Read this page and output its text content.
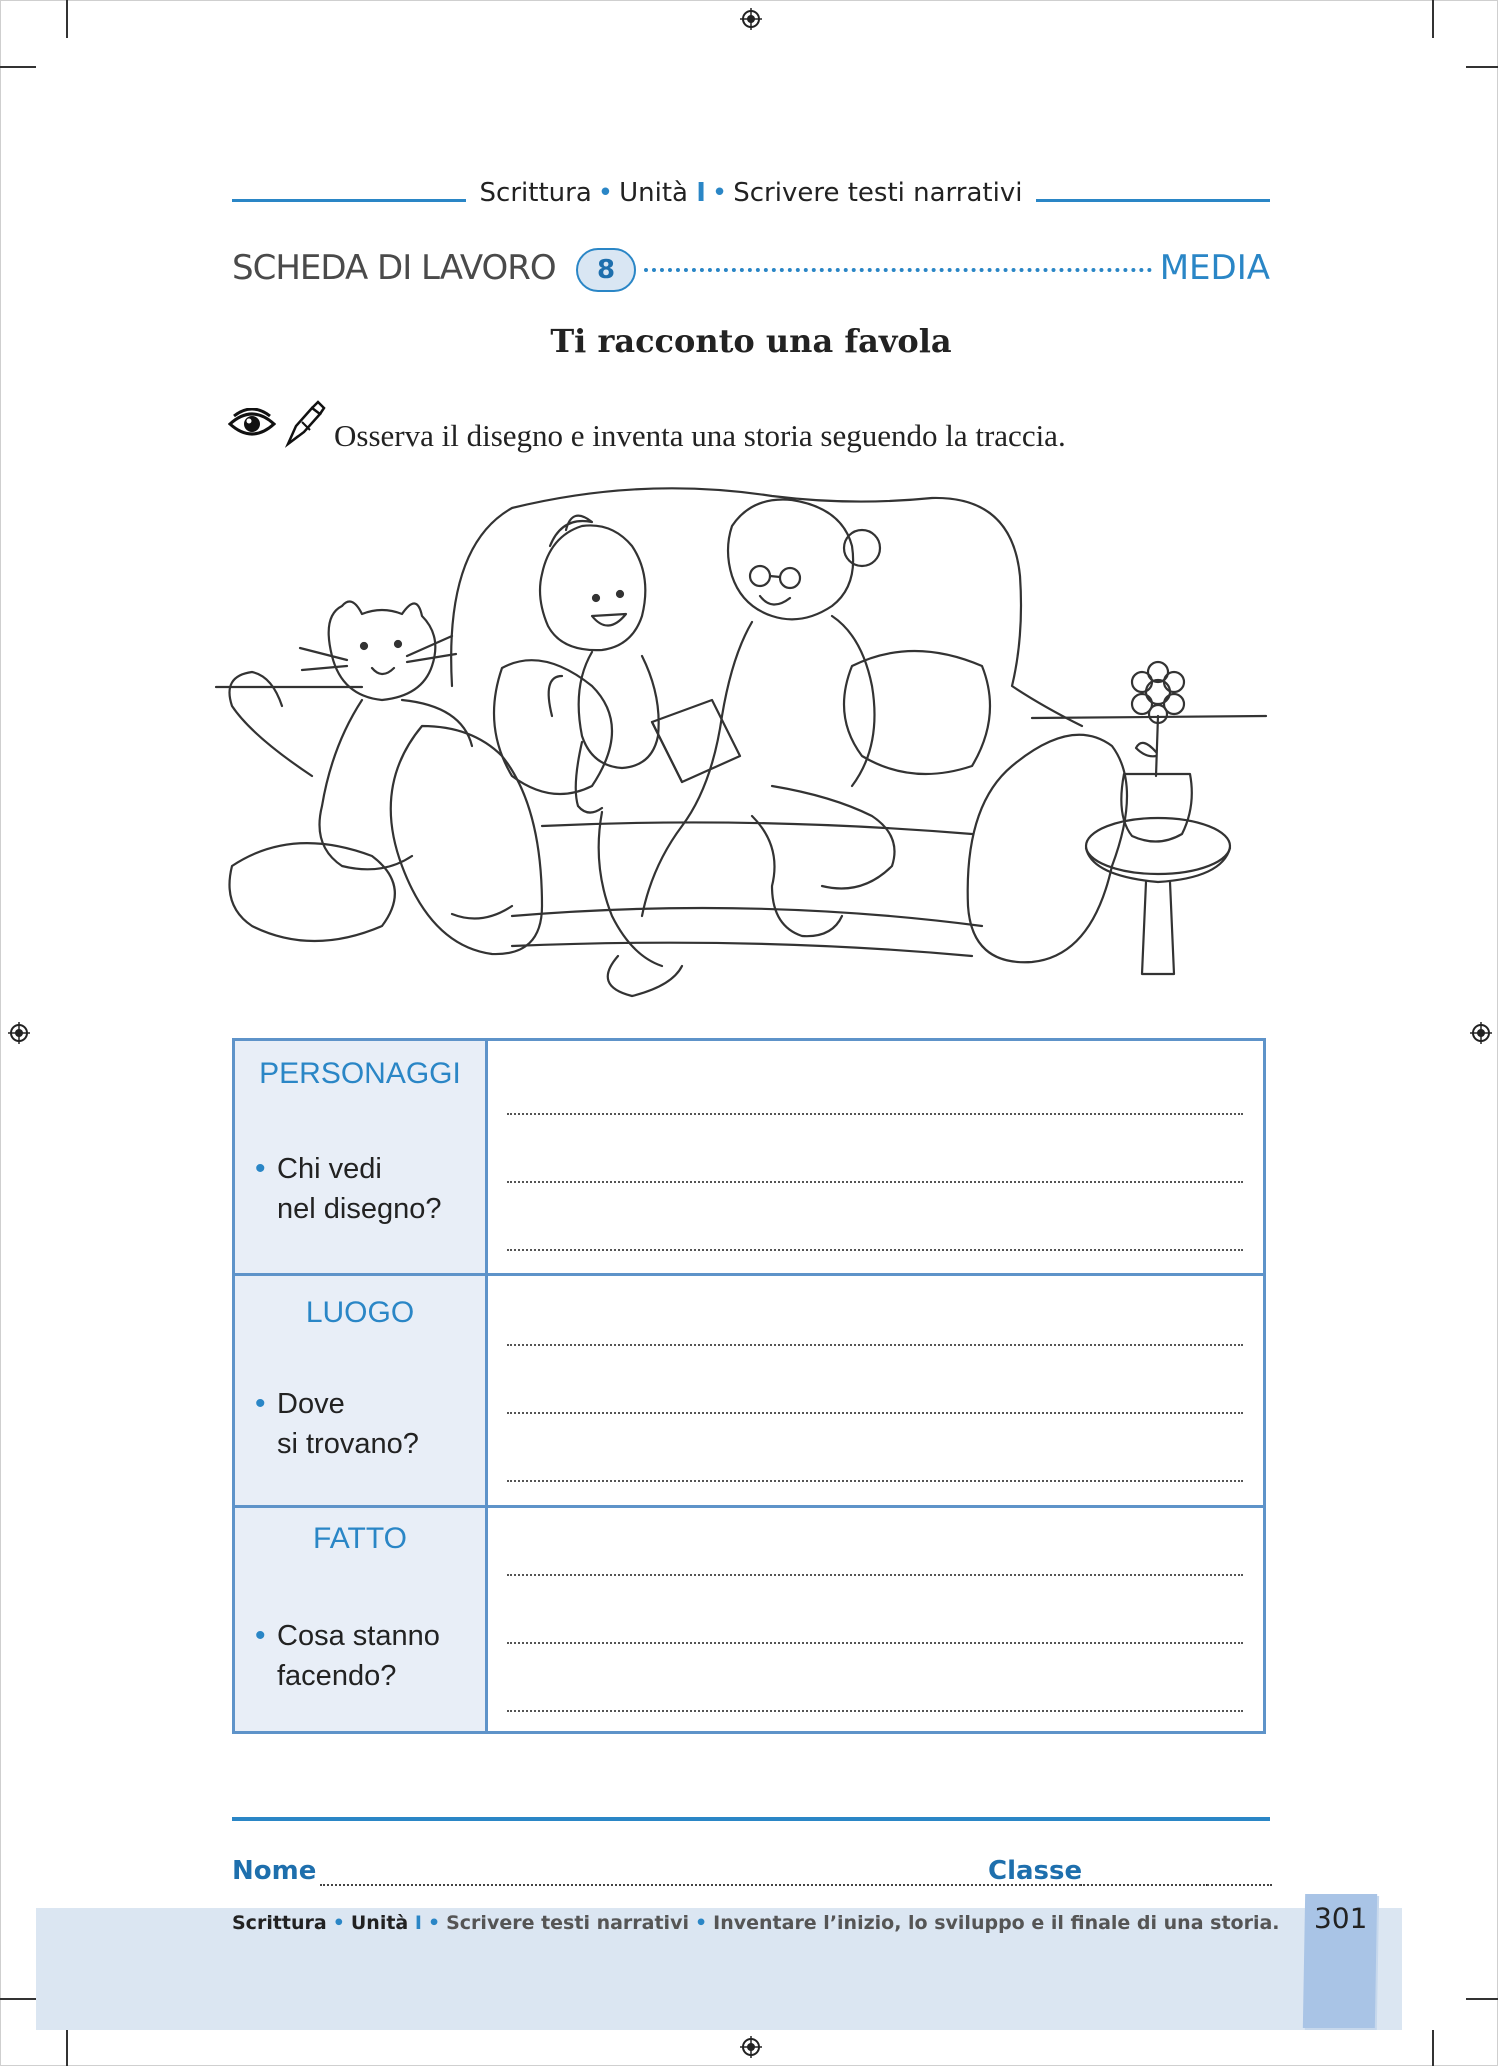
Scrittura • Unità I • Scrivere testi narrativi
SCHEDA DI LAVORO	8	MEDIA
Ti racconto una favola
Osserva il disegno e inventa una storia seguendo la traccia.
PERSONAGGI
• Chi vedi
nel disegno?
LUOGO
• Dove
si trovano?
FATTO
• Cosa stanno
facendo?
Nome	Classe
Scrittura • Unità I • Scrivere testi narrativi • Inventare l’inizio, lo sviluppo e il finale di una storia.	301
